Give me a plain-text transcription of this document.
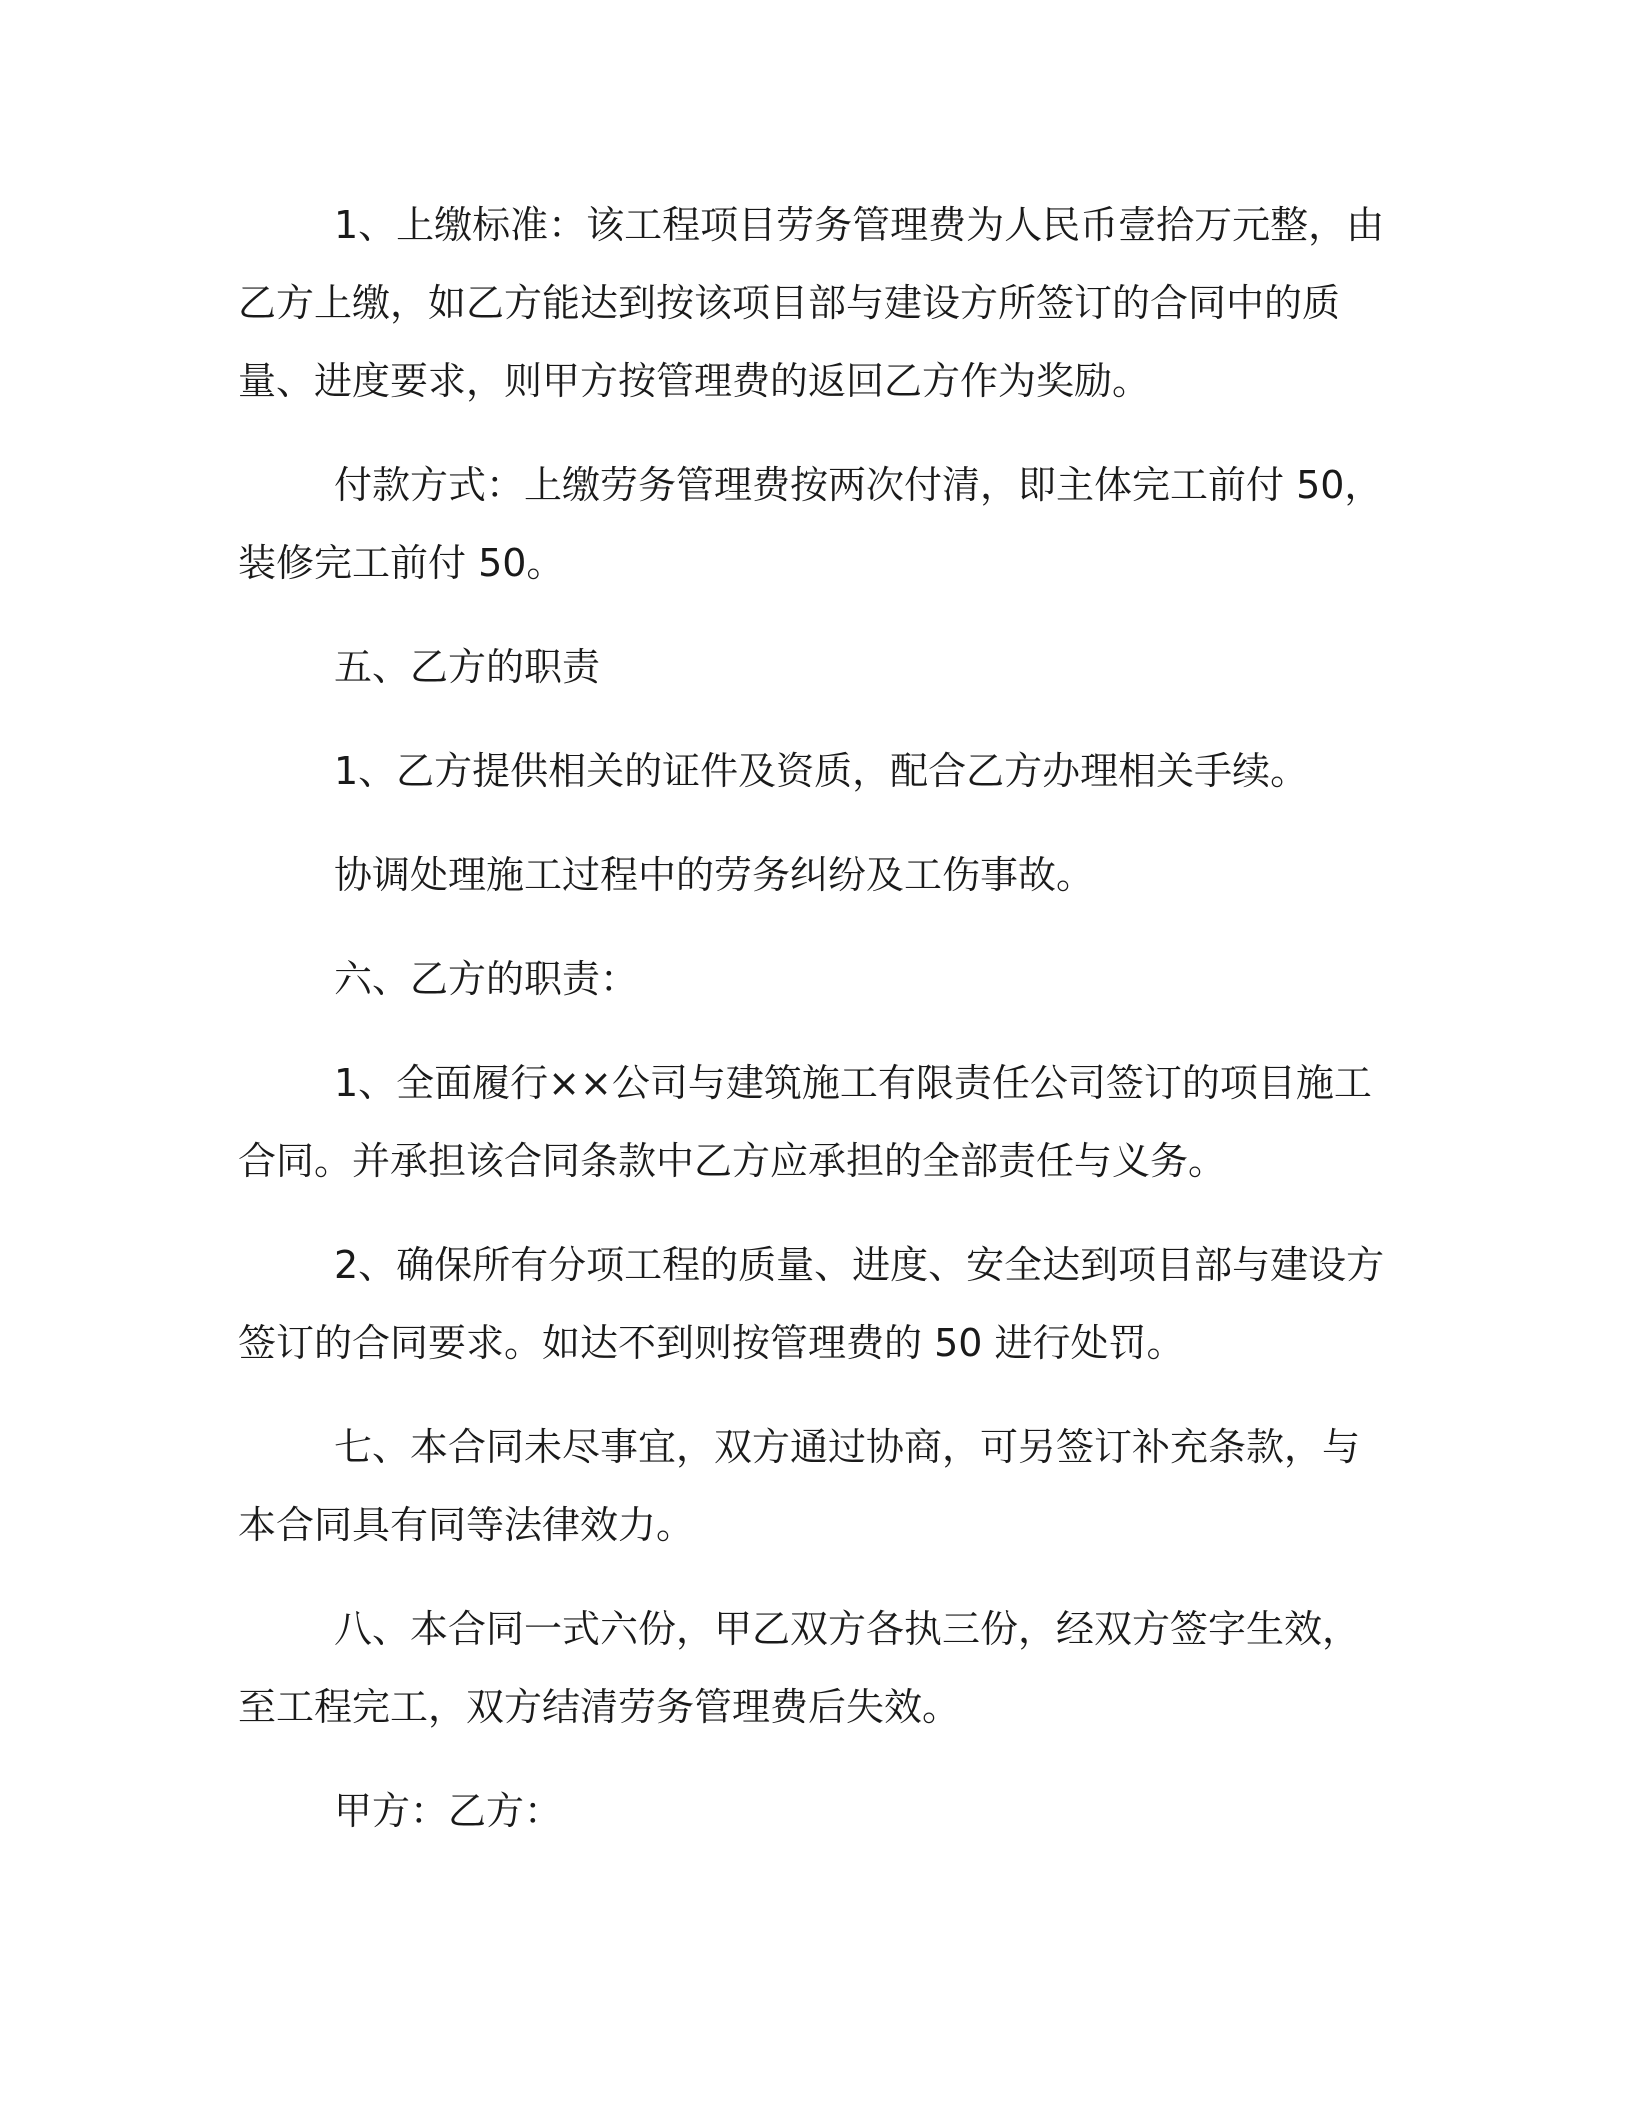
1、上缴标准：该工程项目劳务管理费为人民币壹拾万元整，由乙方上缴，如乙方能达到按该项目部与建设方所签订的合同中的质量、进度要求，则甲方按管理费的返回乙方作为奖励。

付款方式：上缴劳务管理费按两次付清，即主体完工前付 50，装修完工前付 50。

五、乙方的职责

1、乙方提供相关的证件及资质，配合乙方办理相关手续。

协调处理施工过程中的劳务纠纷及工伤事故。

六、乙方的职责：

1、全面履行××公司与建筑施工有限责任公司签订的项目施工合同。并承担该合同条款中乙方应承担的全部责任与义务。

2、确保所有分项工程的质量、进度、安全达到项目部与建设方签订的合同要求。如达不到则按管理费的 50 进行处罚。

七、本合同未尽事宜，双方通过协商，可另签订补充条款，与本合同具有同等法律效力。

八、本合同一式六份，甲乙双方各执三份，经双方签字生效，至工程完工，双方结清劳务管理费后失效。

甲方：乙方：
